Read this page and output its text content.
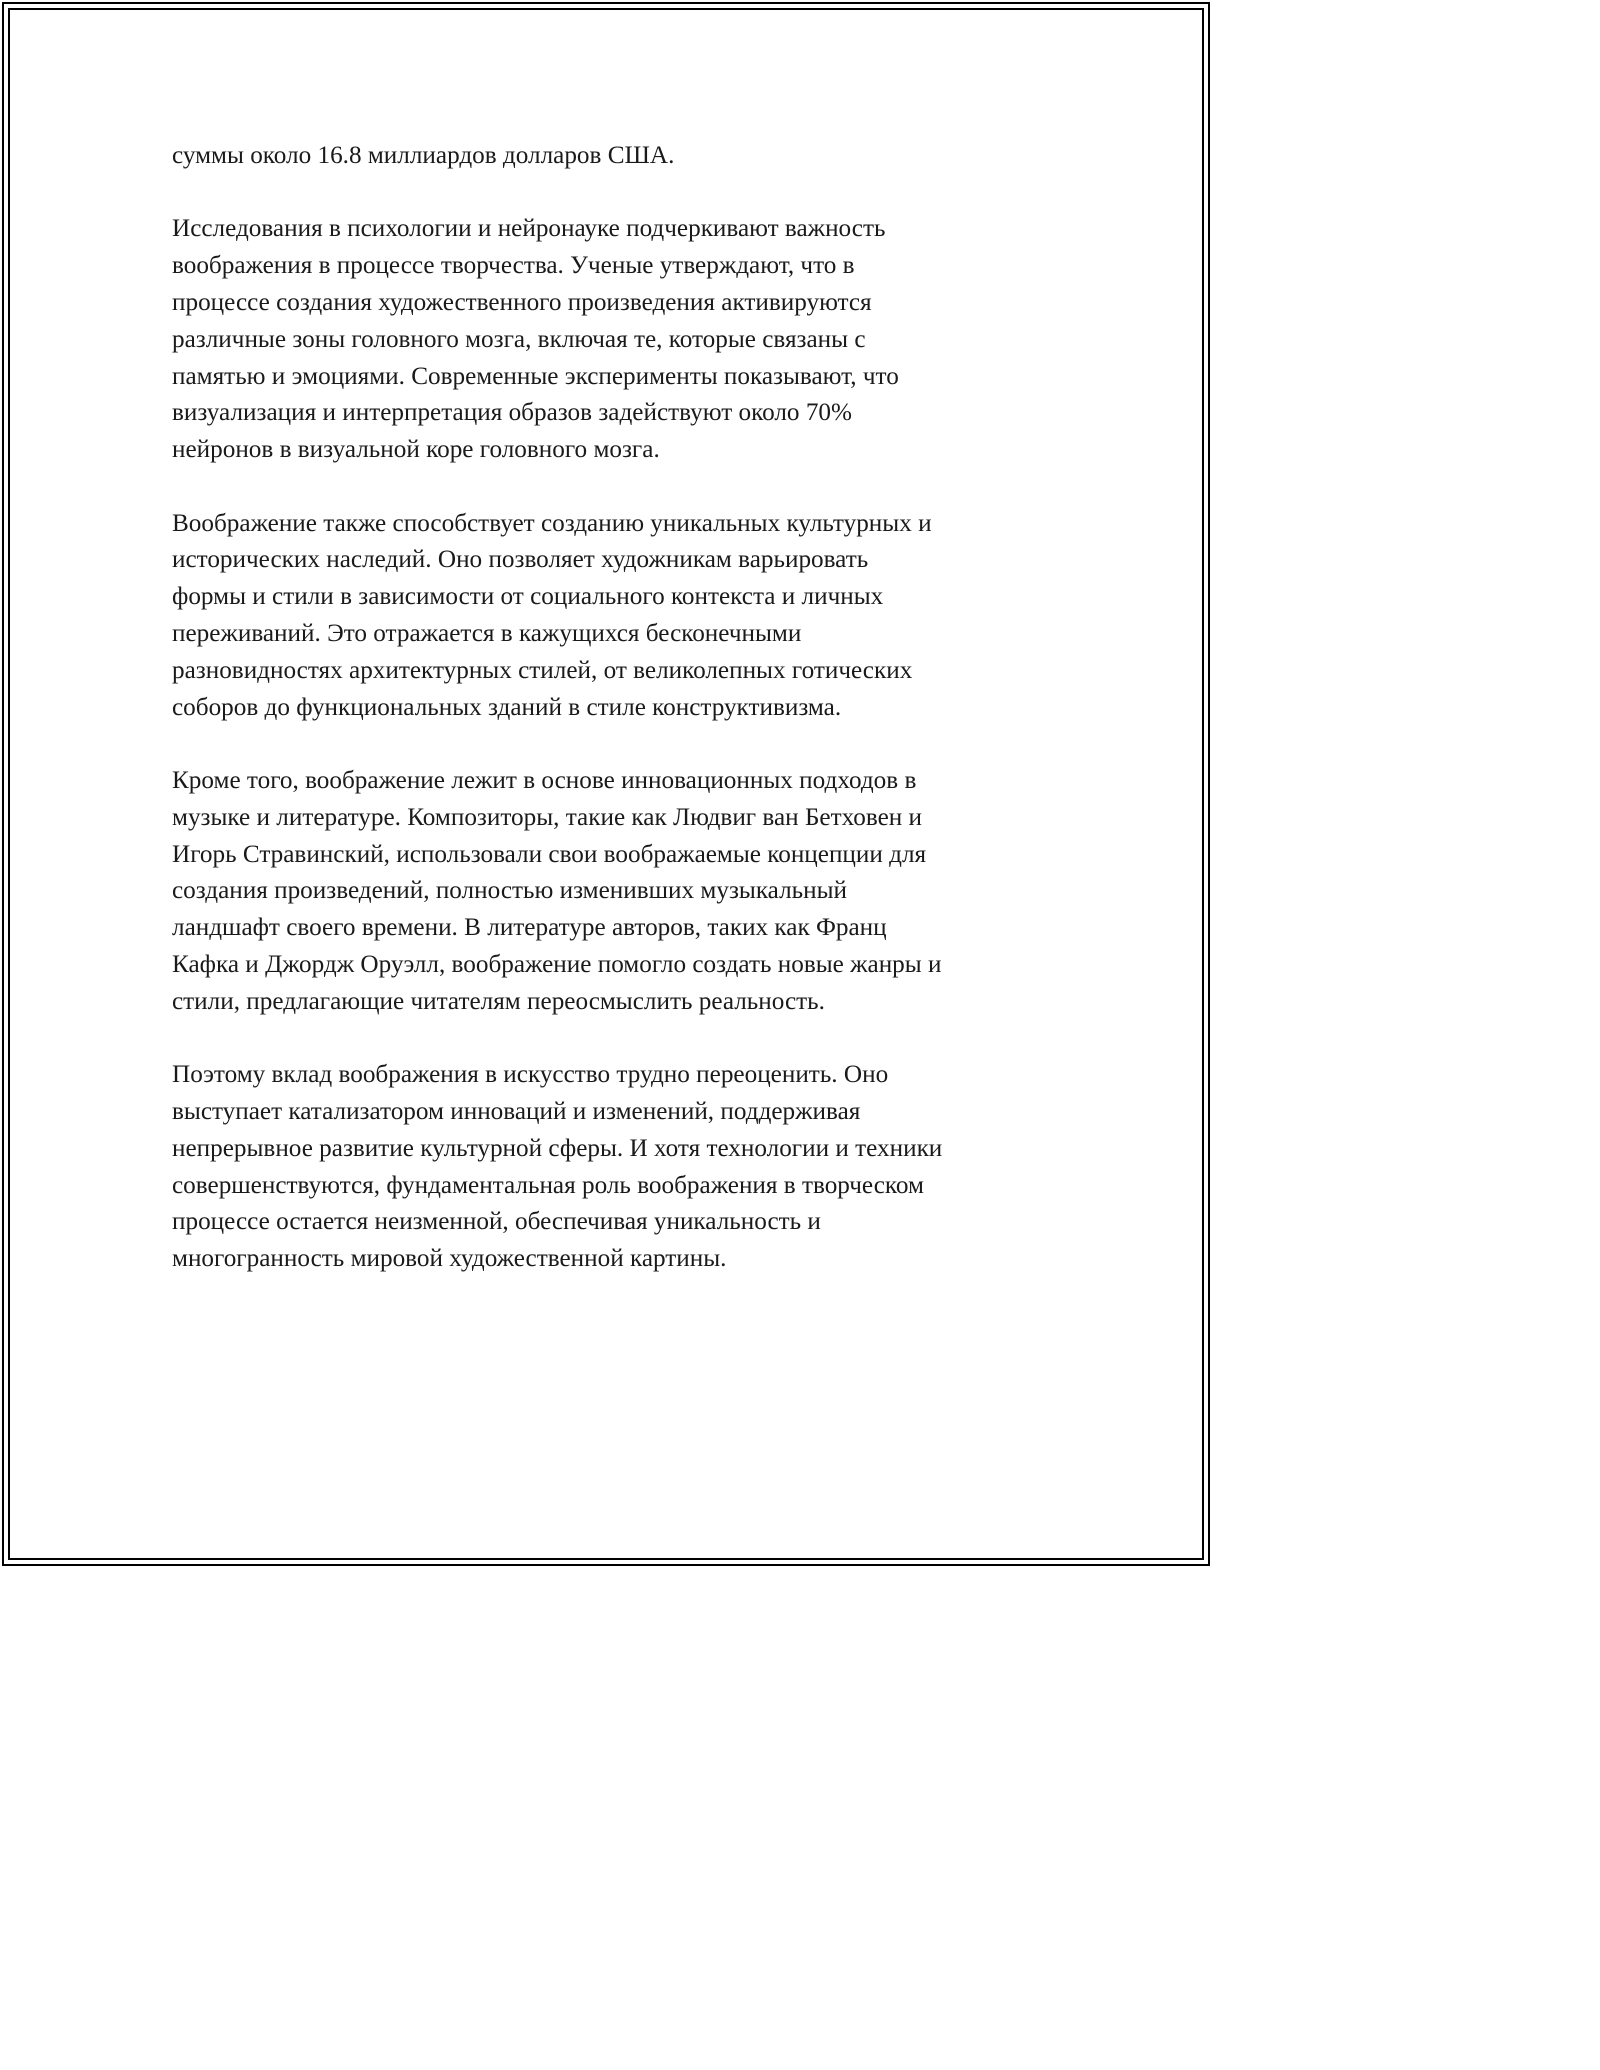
суммы около 16.8 миллиардов долларов США.

Исследования в психологии и нейронауке подчеркивают важность
воображения в процессе творчества. Ученые утверждают, что в
процессе создания художественного произведения активируются
различные зоны головного мозга, включая те, которые связаны с
памятью и эмоциями. Современные эксперименты показывают, что
визуализация и интерпретация образов задействуют около 70%
нейронов в визуальной коре головного мозга.

Воображение также способствует созданию уникальных культурных и
исторических наследий. Оно позволяет художникам варьировать
формы и стили в зависимости от социального контекста и личных
переживаний. Это отражается в кажущихся бесконечными
разновидностях архитектурных стилей, от великолепных готических
соборов до функциональных зданий в стиле конструктивизма.

Кроме того, воображение лежит в основе инновационных подходов в
музыке и литературе. Композиторы, такие как Людвиг ван Бетховен и
Игорь Стравинский, использовали свои воображаемые концепции для
создания произведений, полностью изменивших музыкальный
ландшафт своего времени. В литературе авторов, таких как Франц
Кафка и Джордж Оруэлл, воображение помогло создать новые жанры и
стили, предлагающие читателям переосмыслить реальность.

Поэтому вклад воображения в искусство трудно переоценить. Оно
выступает катализатором инноваций и изменений, поддерживая
непрерывное развитие культурной сферы. И хотя технологии и техники
совершенствуются, фундаментальная роль воображения в творческом
процессе остается неизменной, обеспечивая уникальность и
многогранность мировой художественной картины.
